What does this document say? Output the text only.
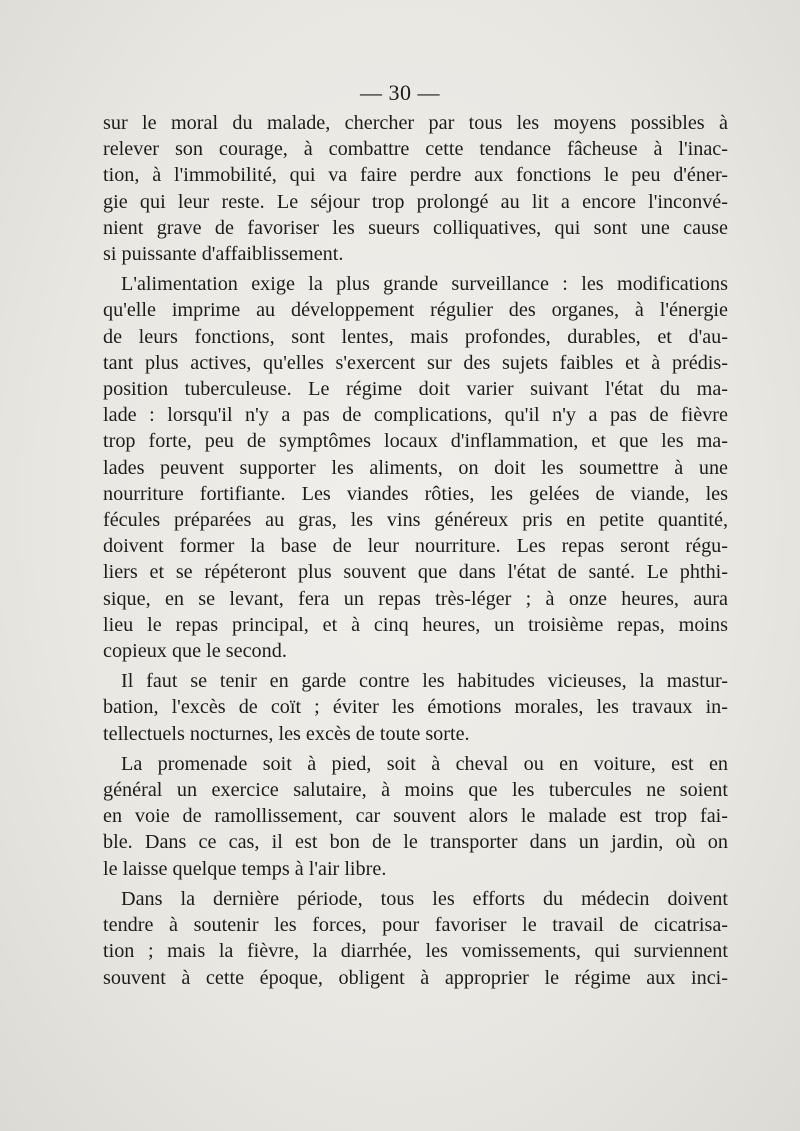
— 30 —

sur le moral du malade, chercher par tous les moyens possibles à
relever son courage, à combattre cette tendance fâcheuse à l'inac-
tion, à l'immobilité, qui va faire perdre aux fonctions le peu d'éner-
gie qui leur reste. Le séjour trop prolongé au lit a encore l'inconvé-
nient grave de favoriser les sueurs colliquatives, qui sont une cause
si puissante d'affaiblissement.

L'alimentation exige la plus grande surveillance : les modifications
qu'elle imprime au développement régulier des organes, à l'énergie
de leurs fonctions, sont lentes, mais profondes, durables, et d'au-
tant plus actives, qu'elles s'exercent sur des sujets faibles et à prédis-
position tuberculeuse. Le régime doit varier suivant l'état du ma-
lade : lorsqu'il n'y a pas de complications, qu'il n'y a pas de fièvre
trop forte, peu de symptômes locaux d'inflammation, et que les ma-
lades peuvent supporter les aliments, on doit les soumettre à une
nourriture fortifiante. Les viandes rôties, les gelées de viande, les
fécules préparées au gras, les vins généreux pris en petite quantité,
doivent former la base de leur nourriture. Les repas seront régu-
liers et se répéteront plus souvent que dans l'état de santé. Le phthi-
sique, en se levant, fera un repas très-léger ; à onze heures, aura
lieu le repas principal, et à cinq heures, un troisième repas, moins
copieux que le second.

Il faut se tenir en garde contre les habitudes vicieuses, la mastur-
bation, l'excès de coït ; éviter les émotions morales, les travaux in-
tellectuels nocturnes, les excès de toute sorte.

La promenade soit à pied, soit à cheval ou en voiture, est en
général un exercice salutaire, à moins que les tubercules ne soient
en voie de ramollissement, car souvent alors le malade est trop fai-
ble. Dans ce cas, il est bon de le transporter dans un jardin, où on
le laisse quelque temps à l'air libre.

Dans la dernière période, tous les efforts du médecin doivent
tendre à soutenir les forces, pour favoriser le travail de cicatrisa-
tion ; mais la fièvre, la diarrhée, les vomissements, qui surviennent
souvent à cette époque, obligent à approprier le régime aux inci-
